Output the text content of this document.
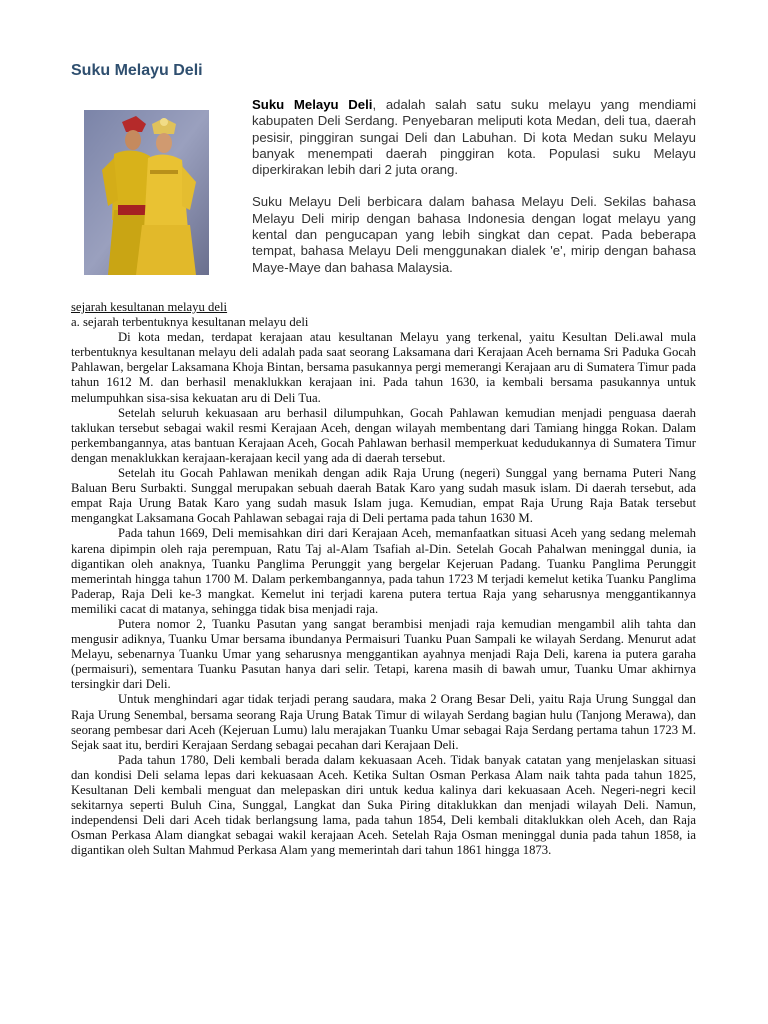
Suku Melayu Deli

Suku Melayu Deli, adalah salah satu suku melayu yang mendiami kabupaten Deli Serdang. Penyebaran meliputi kota Medan, deli tua, daerah pesisir, pinggiran sungai Deli dan Labuhan. Di kota Medan suku Melayu banyak menempati daerah pinggiran kota. Populasi suku Melayu diperkirakan lebih dari 2 juta orang.

Suku Melayu Deli berbicara dalam bahasa Melayu Deli. Sekilas bahasa Melayu Deli mirip dengan bahasa Indonesia dengan logat melayu yang kental dan pengucapan yang lebih singkat dan cepat. Pada beberapa tempat, bahasa Melayu Deli menggunakan dialek 'e', mirip dengan bahasa Maye-Maye dan bahasa Malaysia.

sejarah kesultanan melayu deli

a. sejarah terbentuknya kesultanan melayu deli

Di kota medan, terdapat kerajaan atau kesultanan Melayu yang terkenal, yaitu Kesultan Deli.awal mula terbentuknya kesultanan melayu deli adalah pada saat seorang Laksamana dari Kerajaan Aceh bernama Sri Paduka Gocah Pahlawan, bergelar Laksamana Khoja Bintan, bersama pasukannya pergi memerangi Kerajaan aru di Sumatera Timur pada tahun 1612 M. dan berhasil menaklukkan kerajaan ini. Pada tahun 1630, ia kembali bersama pasukannya untuk melumpuhkan sisa-sisa kekuatan aru di Deli Tua.

Setelah seluruh kekuasaan aru berhasil dilumpuhkan, Gocah Pahlawan kemudian menjadi penguasa daerah taklukan tersebut sebagai wakil resmi Kerajaan Aceh, dengan wilayah membentang dari Tamiang hingga Rokan. Dalam perkembangannya, atas bantuan Kerajaan Aceh, Gocah Pahlawan berhasil memperkuat kedudukannya di Sumatera Timur dengan menaklukkan kerajaan-kerajaan kecil yang ada di daerah tersebut.

Setelah itu Gocah Pahlawan menikah dengan adik Raja Urung (negeri) Sunggal yang bernama Puteri Nang Baluan Beru Surbakti. Sunggal merupakan sebuah daerah Batak Karo yang sudah masuk islam. Di daerah tersebut, ada empat Raja Urung Batak Karo yang sudah masuk Islam juga. Kemudian, empat Raja Urung Raja Batak tersebut mengangkat Laksamana Gocah Pahlawan sebagai raja di Deli pertama pada tahun 1630 M.

Pada tahun 1669, Deli memisahkan diri dari Kerajaan Aceh, memanfaatkan situasi Aceh yang sedang melemah karena dipimpin oleh raja perempuan, Ratu Taj al-Alam Tsafiah al-Din. Setelah Gocah Pahalwan meninggal dunia, ia digantikan oleh anaknya, Tuanku Panglima Perunggit yang bergelar Kejeruan Padang. Tuanku Panglima Perunggit memerintah hingga tahun 1700 M. Dalam perkembangannya, pada tahun 1723 M terjadi kemelut ketika Tuanku Panglima Paderap, Raja Deli ke-3 mangkat. Kemelut ini terjadi karena putera tertua Raja yang seharusnya menggantikannya memiliki cacat di matanya, sehingga tidak bisa menjadi raja.

Putera nomor 2, Tuanku Pasutan yang sangat berambisi menjadi raja kemudian mengambil alih tahta dan mengusir adiknya, Tuanku Umar bersama ibundanya Permaisuri Tuanku Puan Sampali ke wilayah Serdang. Menurut adat Melayu, sebenarnya Tuanku Umar yang seharusnya menggantikan ayahnya menjadi Raja Deli, karena ia putera garaha (permaisuri), sementara Tuanku Pasutan hanya dari selir. Tetapi, karena masih di bawah umur, Tuanku Umar akhirnya tersingkir dari Deli.

Untuk menghindari agar tidak terjadi perang saudara, maka 2 Orang Besar Deli, yaitu Raja Urung Sunggal dan Raja Urung Senembal, bersama seorang Raja Urung Batak Timur di wilayah Serdang bagian hulu (Tanjong Merawa), dan seorang pembesar dari Aceh (Kejeruan Lumu) lalu merajakan Tuanku Umar sebagai Raja Serdang pertama tahun 1723 M. Sejak saat itu, berdiri Kerajaan Serdang sebagai pecahan dari Kerajaan Deli.

Pada tahun 1780, Deli kembali berada dalam kekuasaan Aceh. Tidak banyak catatan yang menjelaskan situasi dan kondisi Deli selama lepas dari kekuasaan Aceh. Ketika Sultan Osman Perkasa Alam naik tahta pada tahun 1825, Kesultanan Deli kembali menguat dan melepaskan diri untuk kedua kalinya dari kekuasaan Aceh. Negeri-negri kecil sekitarnya seperti Buluh Cina, Sunggal, Langkat dan Suka Piring ditaklukkan dan menjadi wilayah Deli. Namun, independensi Deli dari Aceh tidak berlangsung lama, pada tahun 1854, Deli kembali ditaklukkan oleh Aceh, dan Raja Osman Perkasa Alam diangkat sebagai wakil kerajaan Aceh. Setelah Raja Osman meninggal dunia pada tahun 1858, ia digantikan oleh Sultan Mahmud Perkasa Alam yang memerintah dari tahun 1861 hingga 1873.
